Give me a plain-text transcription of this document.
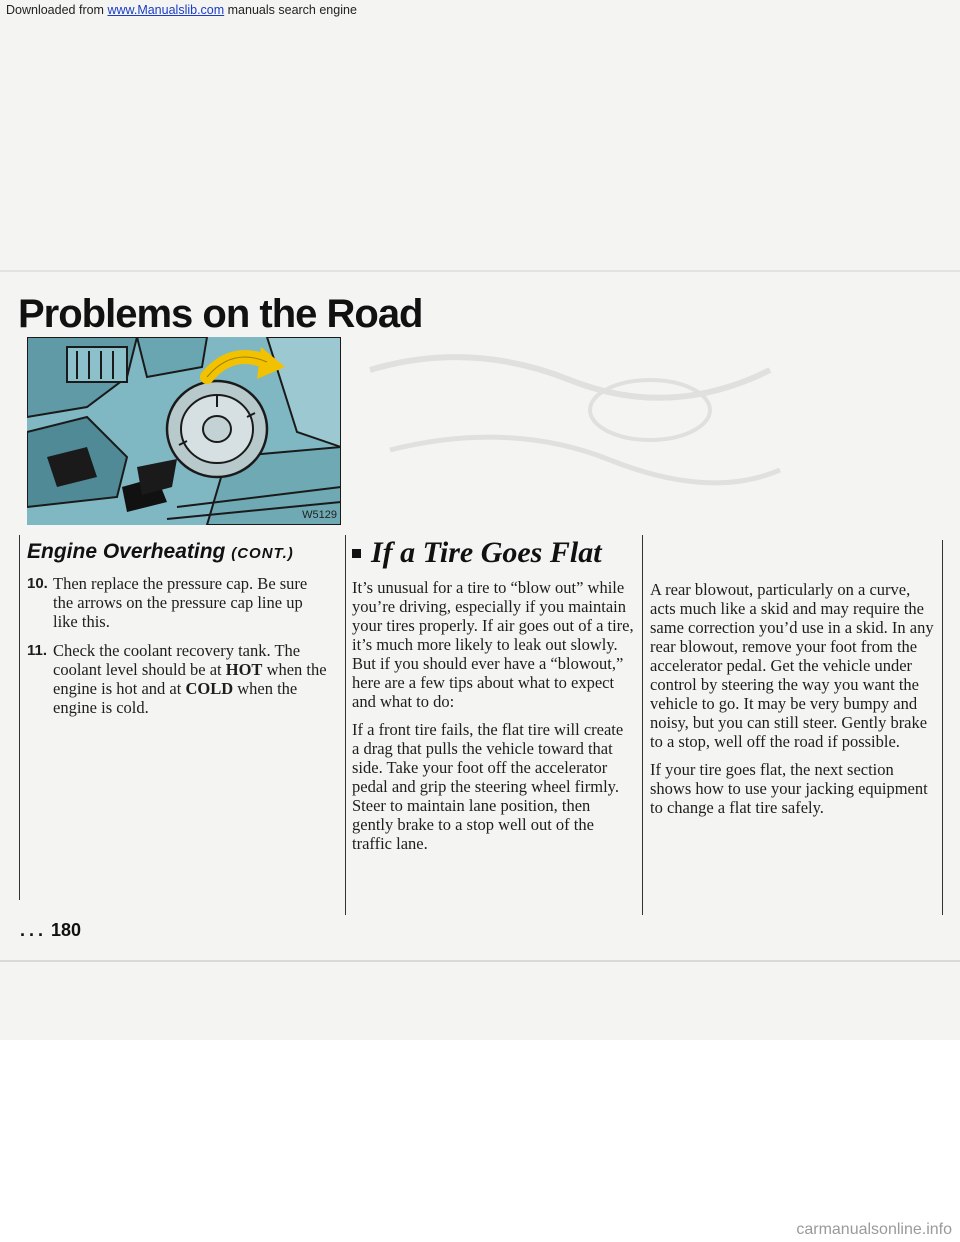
Downloaded from www.Manualslib.com manuals search engine
Problems on the Road
W5129
Engine Overheating (CONT.)
10. Then replace the pressure cap. Be sure the arrows on the pressure cap line up like this.
11. Check the coolant recovery tank. The coolant level should be at HOT when the engine is hot and at COLD when the engine is cold.
If a Tire Goes Flat

It’s unusual for a tire to “blow out” while you’re driving, especially if you maintain your tires properly. If air goes out of a tire, it’s much more likely to leak out slowly. But if you should ever have a “blowout,” here are a few tips about what to expect and what to do:

If a front tire fails, the flat tire will create a drag that pulls the vehicle toward that side. Take your foot off the accelerator pedal and grip the steering wheel firmly. Steer to maintain lane position, then gently brake to a stop well out of the traffic lane.

A rear blowout, particularly on a curve, acts much like a skid and may require the same correction you’d use in a skid. In any rear blowout, remove your foot from the accelerator pedal. Get the vehicle under control by steering the way you want the vehicle to go. It may be very bumpy and noisy, but you can still steer. Gently brake to a stop, well off the road if possible.

If your tire goes flat, the next section shows how to use your jacking equipment to change a flat tire safely.

... 180
carmanualsonline.info
